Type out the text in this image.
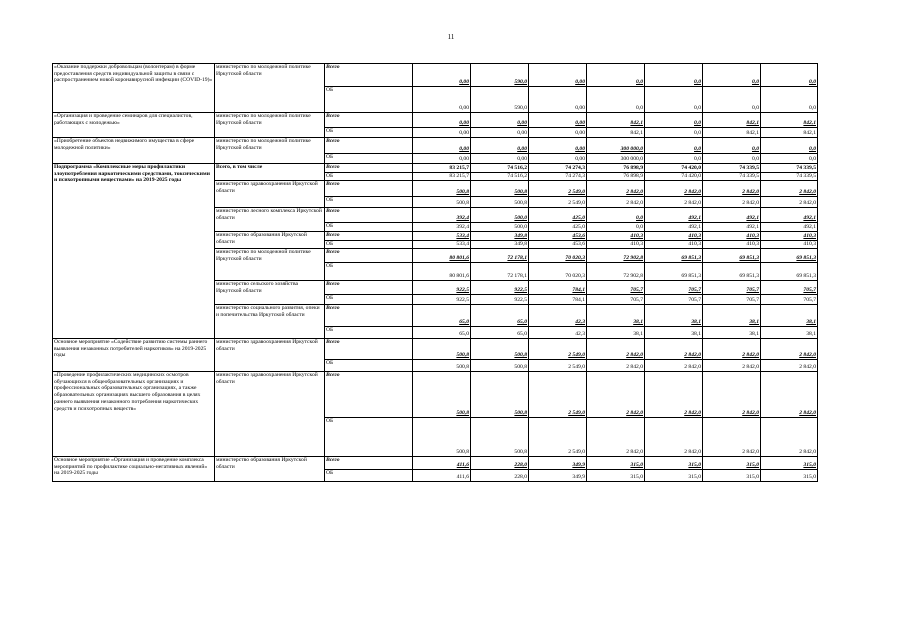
11
«Оказание поддержки добровольцам (волонтерам) в форме предоставления средств индивидуальной защиты в связи с распространением новой коронавирусной инфекции (COVID-19)»	министерство по молодежной политике Иркутской области	Всего	0,00	590,0	0,00	0,0	0,0	0,0	0,0
		ОБ	0,00	590,0	0,00	0,0	0,0	0,0	0,0
«Организация и проведение семинаров для специалистов, работающих с молодежью»	министерство по молодежной политике Иркутской области	Всего	0,00	0,00	0,00	842,1	0,0	842,1	842,1
		ОБ	0,00	0,00	0,00	842,1	0,0	842,1	842,1
«Приобретение объектов недвижимого имущества в сфере молодежной политики»	министерство по молодежной политике Иркутской области	Всего	0,00	0,00	0,00	300 000,0	0,0	0,0	0,0
		ОБ	0,00	0,00	0,00	300 000,0	0,0	0,0	0,0
Подпрограмма «Комплексные меры профилактики злоупотребления наркотическими средствами, токсическими и психотропными веществами» на 2019-2025 годы	Всего, в том числе	Всего	83 215,7	74 516,2	74 274,3	76 898,9	74 420,0	74 339,5	74 339,5
		ОБ	83 215,7	74 516,2	74 274,3	76 898,9	74 420,0	74 339,5	74 339,5
	министерство здравоохранения Иркутской области	Всего	500,8	500,8	2 549,0	2 842,0	2 842,0	2 842,0	2 842,0
		ОБ	500,8	500,8	2 549,0	2 842,0	2 842,0	2 842,0	2 842,0
	министерство лесного комплекса Иркутской области	Всего	392,4	500,0	425,0	0,0	492,1	492,1	492,1
		ОБ	392,4	500,0	425,0	0,0	492,1	492,1	492,1
	министерство образования Иркутской области	Всего	533,4	349,8	453,6	410,3	410,3	410,3	410,3
		ОБ	533,4	349,8	453,6	410,3	410,3	410,3	410,3
	министерство по молодежной политике Иркутской области	Всего	80 801,6	72 178,1	70 020,3	72 902,8	69 851,3	69 851,3	69 851,3
		ОБ	80 801,6	72 178,1	70 020,3	72 902,8	69 851,3	69 851,3	69 851,3
	министерство сельского хозяйства Иркутской области	Всего	922,5	922,5	784,1	705,7	705,7	705,7	705,7
		ОБ	922,5	922,5	784,1	705,7	705,7	705,7	705,7
	министерство социального развития, опеки и попечительства Иркутской области	Всего	65,0	65,0	42,3	38,1	38,1	38,1	38,1
		ОБ	65,0	65,0	42,3	38,1	38,1	38,1	38,1
Основное мероприятие «Содействие развитию системы раннего выявления незаконных потребителей наркотиков» на 2019-2025 годы	министерство здравоохранения Иркутской области	Всего	500,8	500,8	2 549,0	2 842,0	2 842,0	2 842,0	2 842,0
		ОБ	500,8	500,8	2 549,0	2 842,0	2 842,0	2 842,0	2 842,0
«Проведение профилактических медицинских осмотров обучающихся в общеобразовательных организациях и профессиональных образовательных организациях, а также образовательных организациях высшего образования в целях раннего выявления незаконного потребления наркотических средств и психотропных веществ»	министерство здравоохранения Иркутской области	Всего	500,8	500,8	2 549,0	2 842,0	2 842,0	2 842,0	2 842,0
		ОБ	500,8	500,8	2 549,0	2 842,0	2 842,0	2 842,0	2 842,0
Основное мероприятие «Организация и проведение комплекса мероприятий по профилактике социально-негативных явлений» на 2019-2025 годы	министерство образования Иркутской области	Всего	411,6	228,0	349,9	315,0	315,0	315,0	315,0
		ОБ	411,6	228,0	349,9	315,0	315,0	315,0	315,0
